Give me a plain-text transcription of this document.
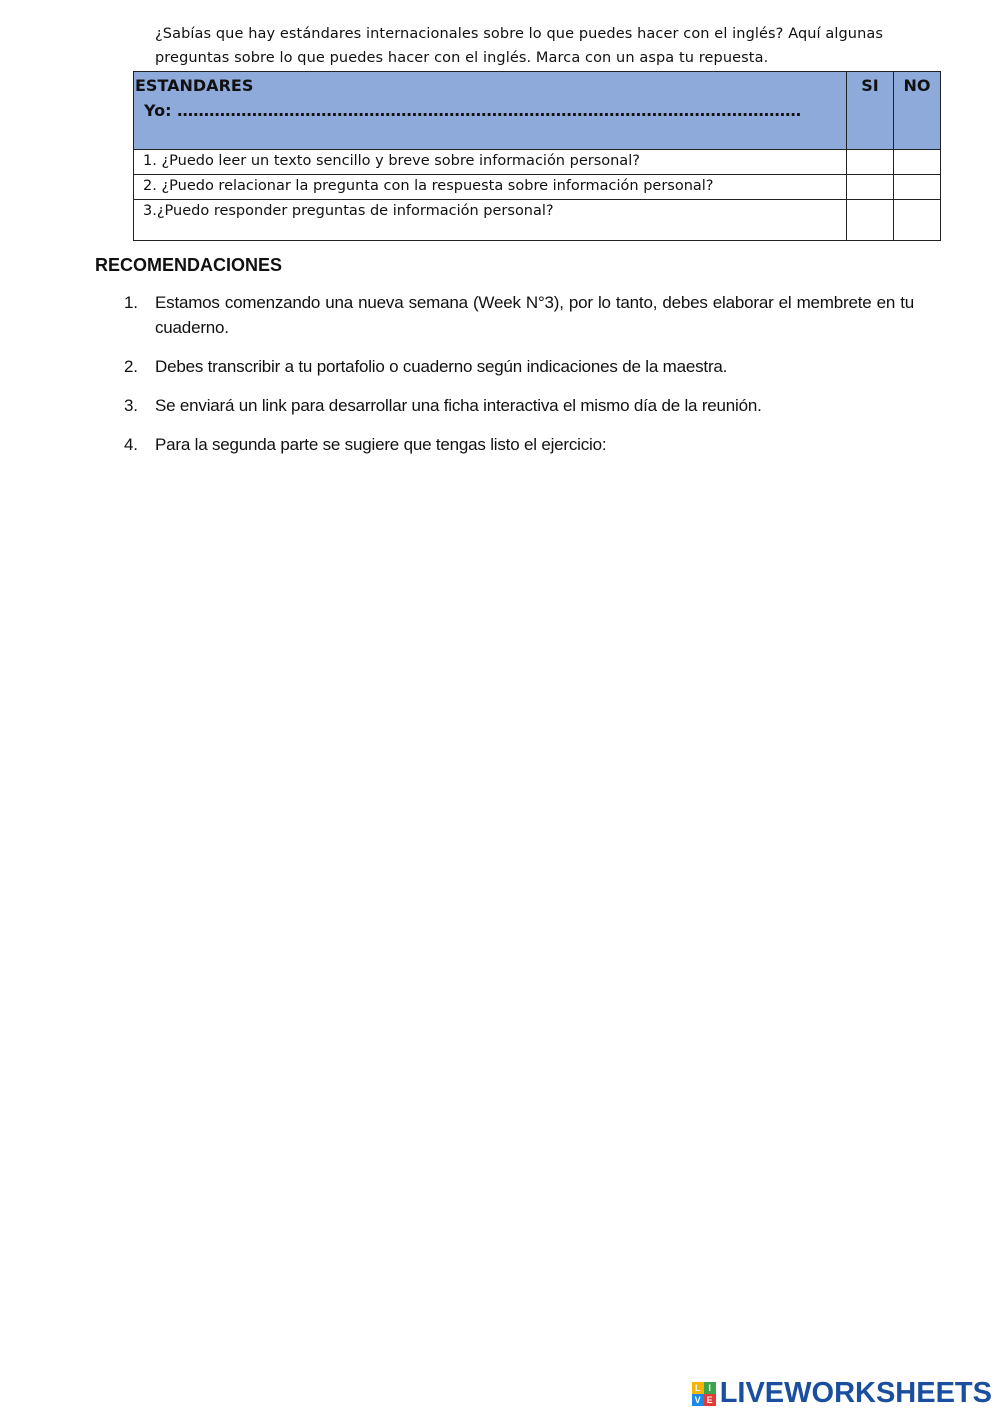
¿Sabías que hay estándares internacionales sobre lo que puedes hacer con el inglés? Aquí algunas
preguntas sobre lo que puedes hacer con el inglés. Marca con un aspa tu repuesta.
ESTANDARES
Yo: ………………………………………………………………………………………………………	SI	NO
1. ¿Puedo leer un texto sencillo y breve sobre información personal?		
2. ¿Puedo relacionar la pregunta con la respuesta sobre información personal?		
3.¿Puedo responder preguntas de información personal?		
RECOMENDACIONES
1.	Estamos comenzando una nueva semana (Week N°3), por lo tanto, debes elaborar el membrete en tu cuaderno.
2.	Debes transcribir a tu portafolio o cuaderno según indicaciones de la maestra.
3.	Se enviará un link para desarrollar una ficha interactiva el mismo día de la reunión.
4.	Para la segunda parte se sugiere que tengas listo el ejercicio:
L I
V E LIVEWORKSHEETS
